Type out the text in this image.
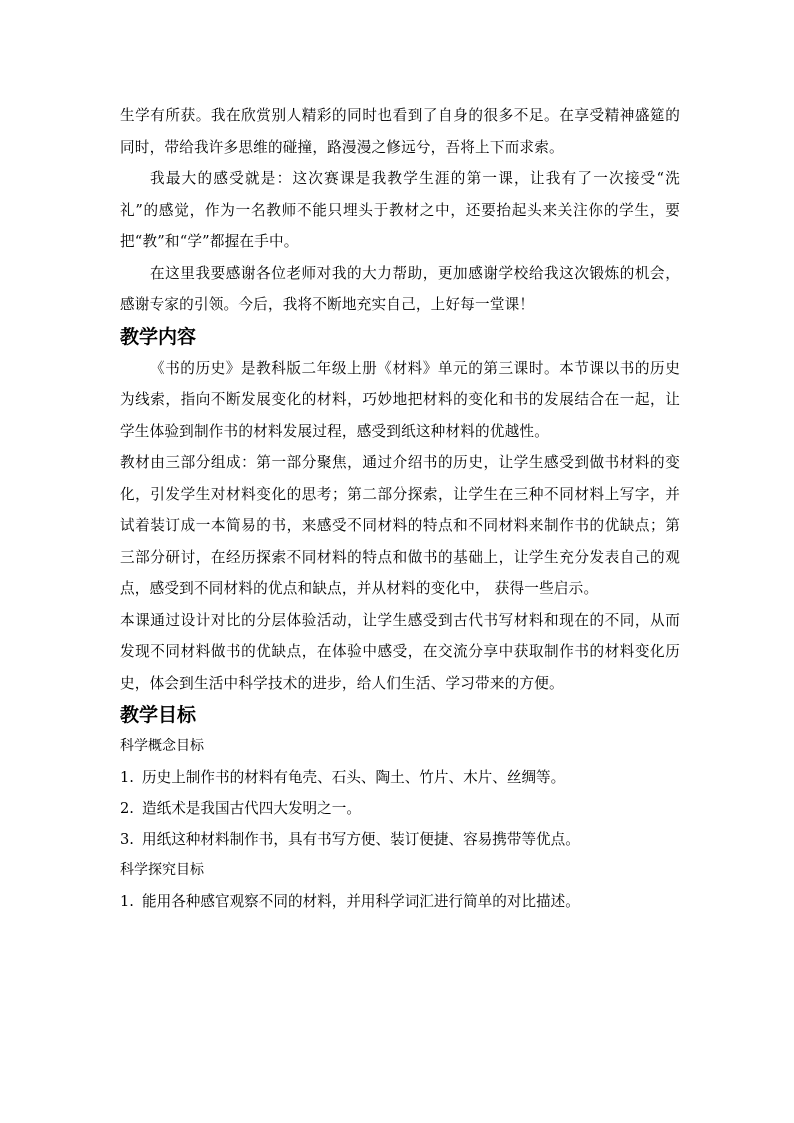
生学有所获。我在欣赏别人精彩的同时也看到了自身的很多不足。在享受精神盛筵的同时，带给我许多思维的碰撞，路漫漫之修远兮，吾将上下而求索。

我最大的感受就是：这次赛课是我教学生涯的第一课，让我有了一次接受“洗礼”的感觉，作为一名教师不能只埋头于教材之中，还要抬起头来关注你的学生，要把“教”和“学”都握在手中。

在这里我要感谢各位老师对我的大力帮助，更加感谢学校给我这次锻炼的机会，感谢专家的引领。今后，我将不断地充实自己，上好每一堂课！

教学内容

《书的历史》是教科版二年级上册《材料》单元的第三课时。本节课以书的历史为线索，指向不断发展变化的材料，巧妙地把材料的变化和书的发展结合在一起，让学生体验到制作书的材料发展过程，感受到纸这种材料的优越性。

教材由三部分组成：第一部分聚焦，通过介绍书的历史，让学生感受到做书材料的变化，引发学生对材料变化的思考；第二部分探索，让学生在三种不同材料上写字，并试着装订成一本简易的书，来感受不同材料的特点和不同材料来制作书的优缺点；第三部分研讨，在经历探索不同材料的特点和做书的基础上，让学生充分发表自己的观点，感受到不同材料的优点和缺点，并从材料的变化中， 获得一些启示。

本课通过设计对比的分层体验活动，让学生感受到古代书写材料和现在的不同，从而发现不同材料做书的优缺点，在体验中感受，在交流分享中获取制作书的材料变化历史，体会到生活中科学技术的进步，给人们生活、学习带来的方便。

教学目标

科学概念目标

1. 历史上制作书的材料有龟壳、石头、陶土、竹片、木片、丝绸等。

2. 造纸术是我国古代四大发明之一。

3. 用纸这种材料制作书，具有书写方便、装订便捷、容易携带等优点。

科学探究目标

1. 能用各种感官观察不同的材料，并用科学词汇进行简单的对比描述。
